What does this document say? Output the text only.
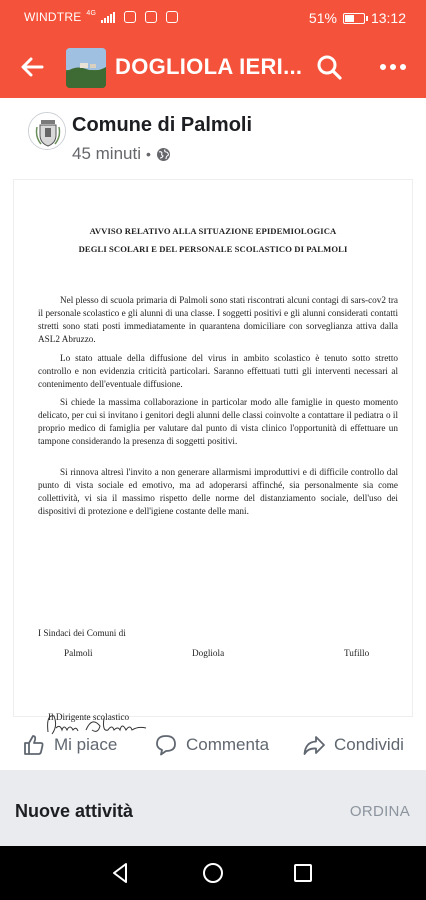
WINDTRE 4G	51% 13:12
DOGLIOLA IERI...
Comune di Palmoli
45 minuti •
AVVISO RELATIVO ALLA SITUAZIONE EPIDEMIOLOGICA
DEGLI SCOLARI E DEL PERSONALE SCOLASTICO DI PALMOLI

Nel plesso di scuola primaria di Palmoli sono stati riscontrati alcuni contagi di sars-cov2 tra il personale scolastico e gli alunni di una classe. I soggetti positivi e gli alunni considerati contatti stretti sono stati posti immediatamente in quarantena domiciliare con sorveglianza attiva dalla ASL2 Abruzzo.

Lo stato attuale della diffusione del virus in ambito scolastico è tenuto sotto stretto controllo e non evidenzia criticità particolari. Saranno effettuati tutti gli interventi necessari al contenimento dell'eventuale diffusione.

Si chiede la massima collaborazione in particolar modo alle famiglie in questo momento delicato, per cui si invitano i genitori degli alunni delle classi coinvolte a contattare il pediatra o il proprio medico di famiglia per valutare dal punto di vista clinico l'opportunità di effettuare un tampone considerando la presenza di soggetti positivi.

Si rinnova altresì l'invito a non generare allarmismi improduttivi e di difficile controllo dal punto di vista sociale ed emotivo, ma ad adoperarsi affinché, sia personalmente sia come collettività, vi sia il massimo rispetto delle norme del distanziamento sociale, dell'uso dei dispositivi di protezione e dell'igiene costante delle mani.

I Sindaci dei Comuni di
Palmoli	Dogliola	Tufillo
Il Dirigente scolastico
Mi piace	Commenta	Condividi
Nuove attività	ORDINA
